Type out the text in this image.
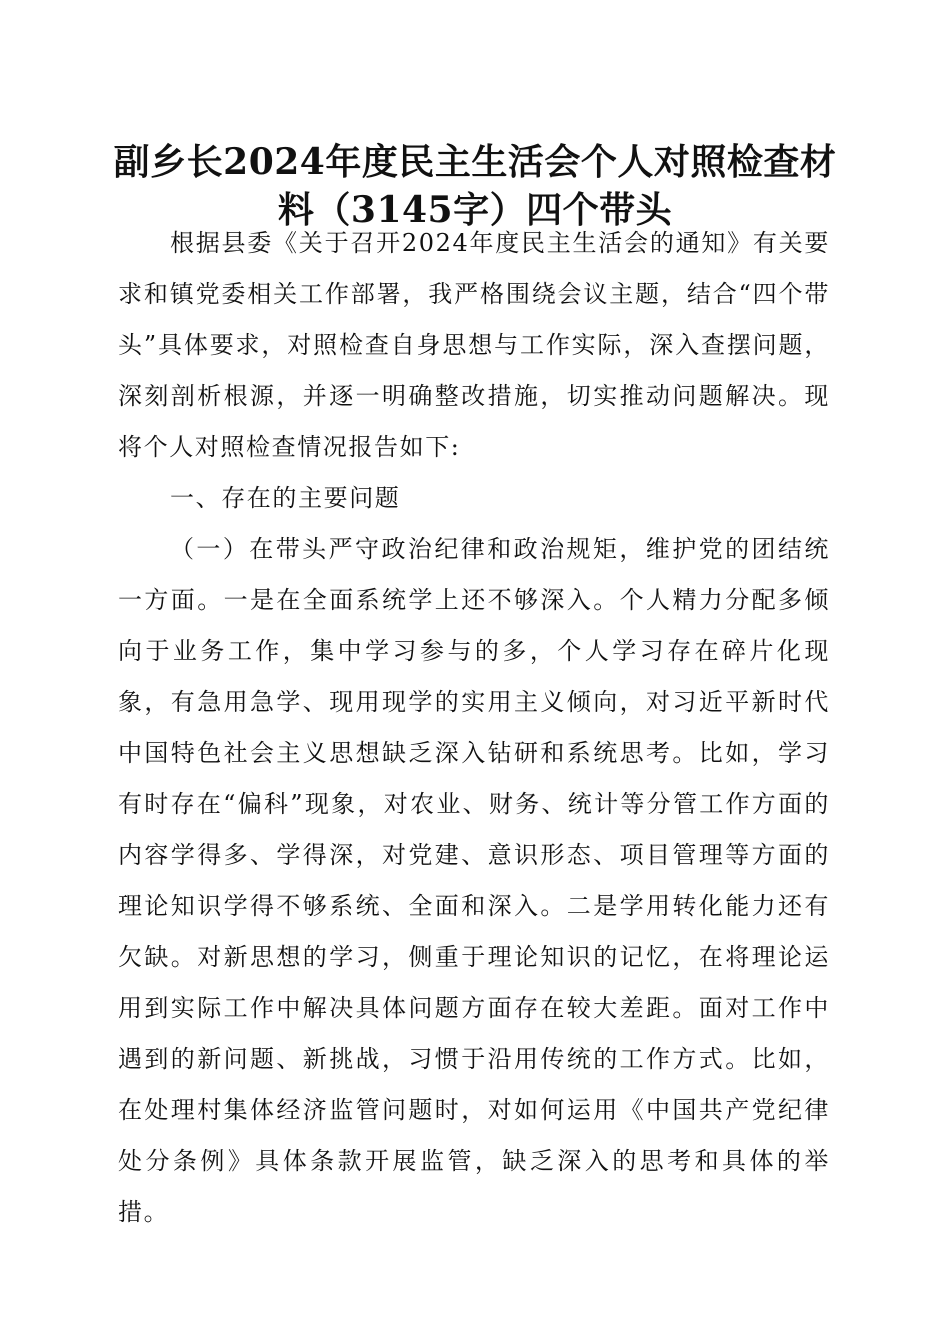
副乡长2024年度民主生活会个人对照检查材
料（3145字）四个带头

根据县委《关于召开2024年度民主生活会的通知》有关要求和镇党委相关工作部署，我严格围绕会议主题，结合“四个带头”具体要求，对照检查自身思想与工作实际，深入查摆问题，深刻剖析根源，并逐一明确整改措施，切实推动问题解决。现将个人对照检查情况报告如下:

一、存在的主要问题

（一）在带头严守政治纪律和政治规矩，维护党的团结统一方面。一是在全面系统学上还不够深入。个人精力分配多倾向于业务工作，集中学习参与的多，个人学习存在碎片化现象，有急用急学、现用现学的实用主义倾向，对习近平新时代中国特色社会主义思想缺乏深入钻研和系统思考。比如，学习有时存在“偏科”现象，对农业、财务、统计等分管工作方面的内容学得多、学得深，对党建、意识形态、项目管理等方面的理论知识学得不够系统、全面和深入。二是学用转化能力还有欠缺。对新思想的学习，侧重于理论知识的记忆，在将理论运用到实际工作中解决具体问题方面存在较大差距。面对工作中遇到的新问题、新挑战，习惯于沿用传统的工作方式。比如，在处理村集体经济监管问题时，对如何运用《中国共产党纪律处分条例》具体条款开展监管，缺乏深入的思考和具体的举措。
